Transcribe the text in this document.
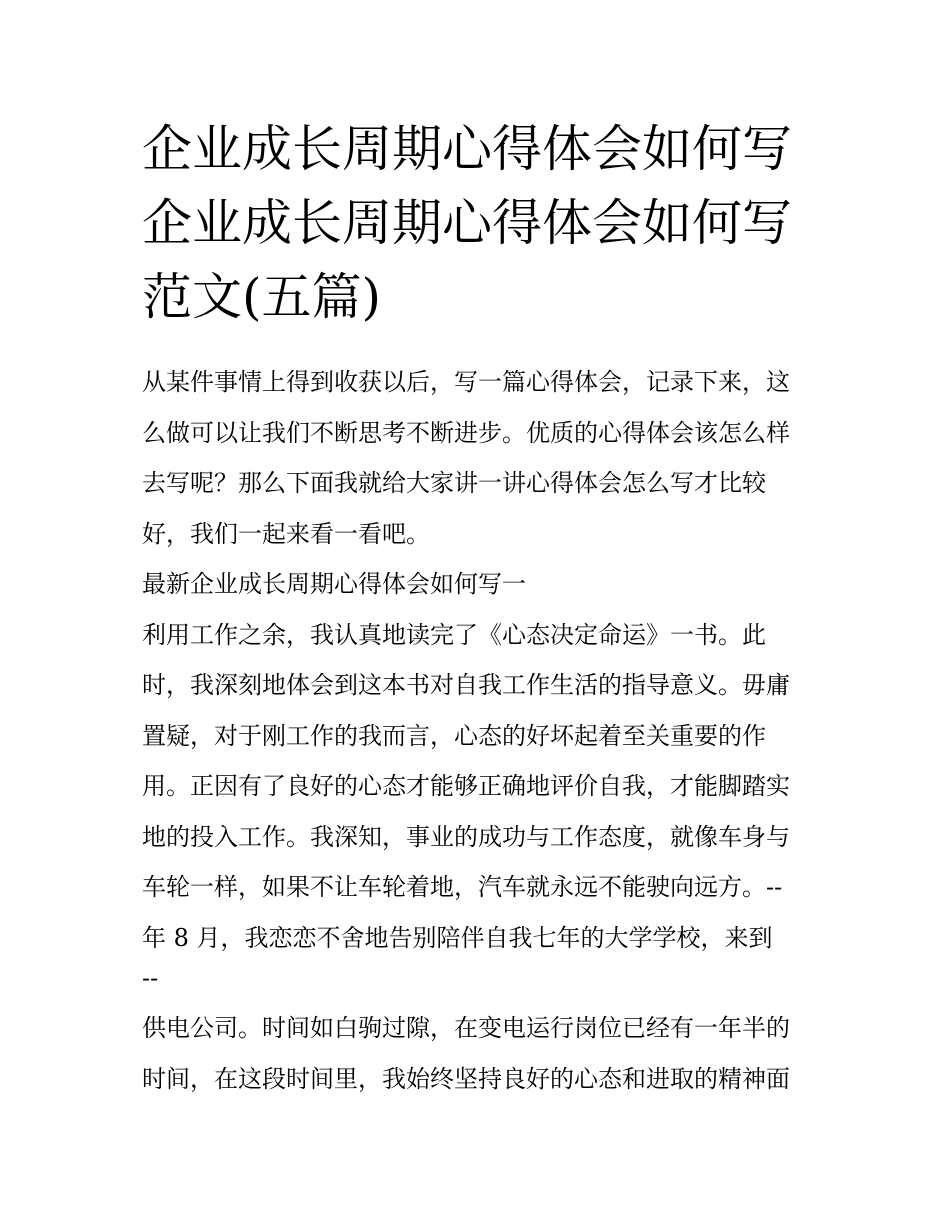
企业成长周期心得体会如何写
企业成长周期心得体会如何写
范文(五篇)
从某件事情上得到收获以后，写一篇心得体会，记录下来，这
么做可以让我们不断思考不断进步。优质的心得体会该怎么样
去写呢？那么下面我就给大家讲一讲心得体会怎么写才比较
好，我们一起来看一看吧。
最新企业成长周期心得体会如何写一
利用工作之余，我认真地读完了《心态决定命运》一书。此
时，我深刻地体会到这本书对自我工作生活的指导意义。毋庸
置疑，对于刚工作的我而言，心态的好坏起着至关重要的作
用。正因有了良好的心态才能够正确地评价自我，才能脚踏实
地的投入工作。我深知，事业的成功与工作态度，就像车身与
车轮一样，如果不让车轮着地，汽车就永远不能驶向远方。--
年 8 月，我恋恋不舍地告别陪伴自我七年的大学学校，来到
--
供电公司。时间如白驹过隙，在变电运行岗位已经有一年半的
时间，在这段时间里，我始终坚持良好的心态和进取的精神面
